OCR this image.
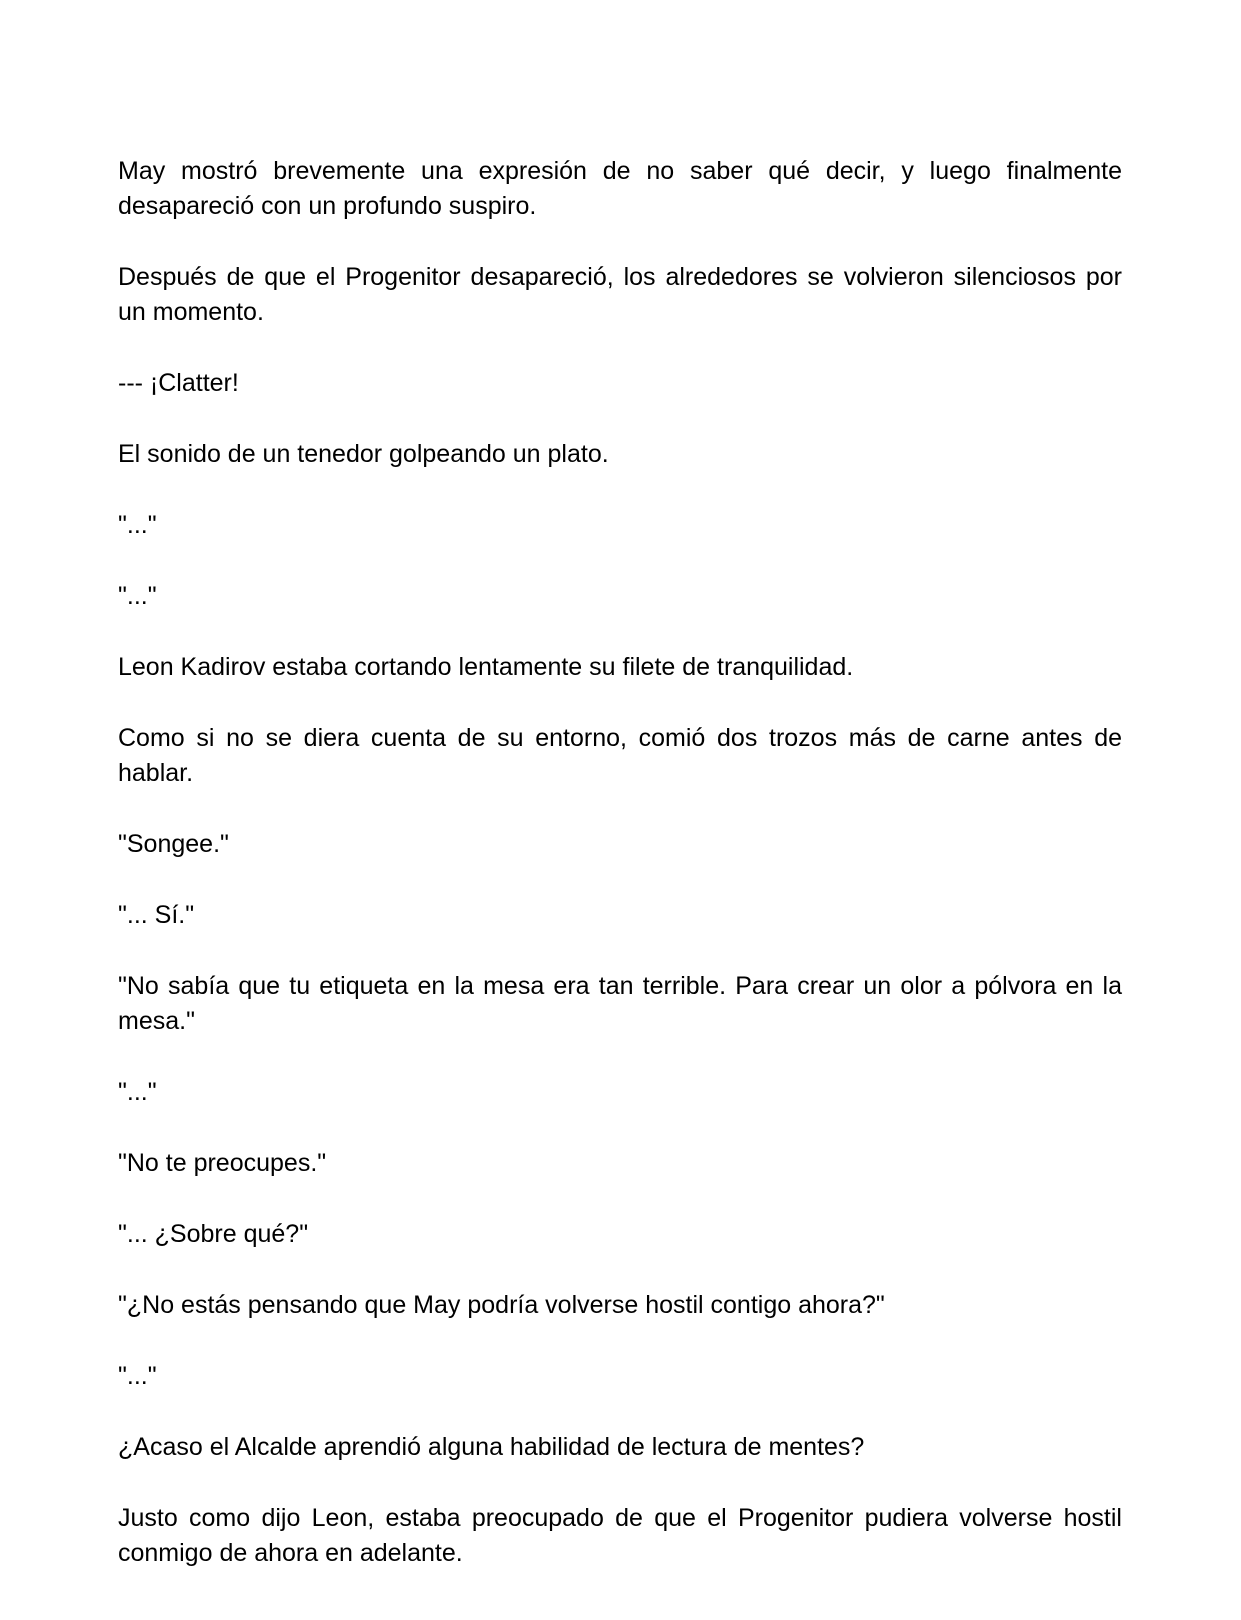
May mostró brevemente una expresión de no saber qué decir, y luego finalmente desapareció con un profundo suspiro.

Después de que el Progenitor desapareció, los alrededores se volvieron silenciosos por un momento.

--- ¡Clatter!

El sonido de un tenedor golpeando un plato.

"..."

"..."

Leon Kadirov estaba cortando lentamente su filete de tranquilidad.

Como si no se diera cuenta de su entorno, comió dos trozos más de carne antes de hablar.

"Songee."

"... Sí."

"No sabía que tu etiqueta en la mesa era tan terrible. Para crear un olor a pólvora en la mesa."

"..."

"No te preocupes."

"... ¿Sobre qué?"

"¿No estás pensando que May podría volverse hostil contigo ahora?"

"..."

¿Acaso el Alcalde aprendió alguna habilidad de lectura de mentes?

Justo como dijo Leon, estaba preocupado de que el Progenitor pudiera volverse hostil conmigo de ahora en adelante.
